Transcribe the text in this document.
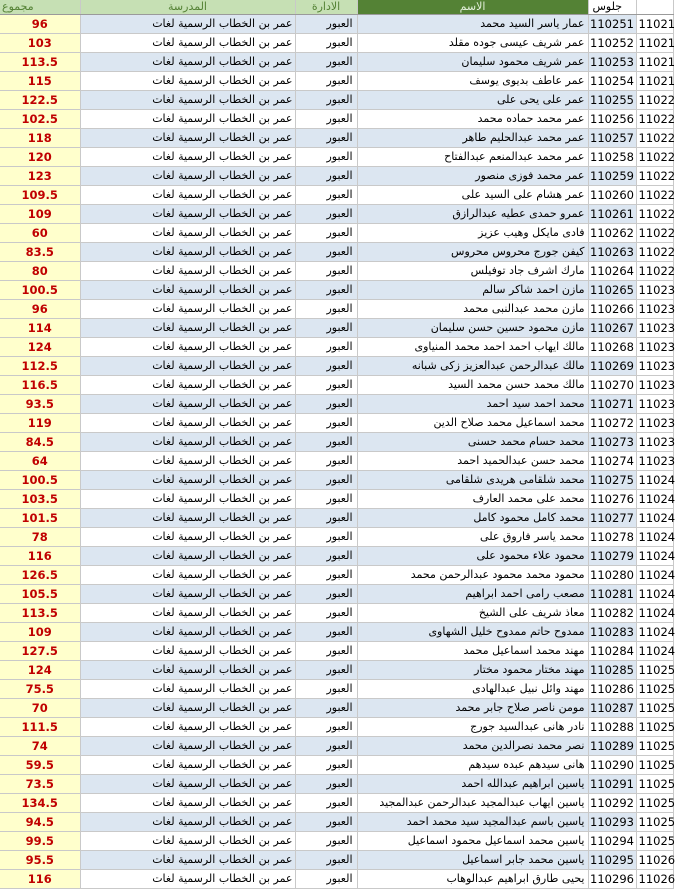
مجموع	المدرسة	الادارة	الاسم	جلوس	
96	عمر بن الخطاب الرسمية لغات	العبور	عمار ياسر السيد محمد	110251	11021
103	عمر بن الخطاب الرسمية لغات	العبور	عمر شريف عيسى جوده مقلد	110252	11021
113.5	عمر بن الخطاب الرسمية لغات	العبور	عمر شريف محمود سليمان	110253	11021
115	عمر بن الخطاب الرسمية لغات	العبور	عمر عاطف بديوى يوسف	110254	11021
122.5	عمر بن الخطاب الرسمية لغات	العبور	عمر على يحى على	110255	11022
102.5	عمر بن الخطاب الرسمية لغات	العبور	عمر محمد حماده محمد	110256	11022
118	عمر بن الخطاب الرسمية لغات	العبور	عمر محمد عبدالحليم طاهر	110257	11022
120	عمر بن الخطاب الرسمية لغات	العبور	عمر محمد عبدالمنعم عبدالفتاح	110258	11022
123	عمر بن الخطاب الرسمية لغات	العبور	عمر محمد فوزى منصور	110259	11022
109.5	عمر بن الخطاب الرسمية لغات	العبور	عمر هشام على السيد على	110260	11022
109	عمر بن الخطاب الرسمية لغات	العبور	عمرو حمدى عطيه عبدالرازق	110261	11022
60	عمر بن الخطاب الرسمية لغات	العبور	فادى مايكل وهيب عزيز	110262	11022
83.5	عمر بن الخطاب الرسمية لغات	العبور	كيفن جورج محروس محروس	110263	11022
80	عمر بن الخطاب الرسمية لغات	العبور	مارك اشرف جاد توفيلس	110264	11022
100.5	عمر بن الخطاب الرسمية لغات	العبور	مازن احمد شاكر سالم	110265	11023
96	عمر بن الخطاب الرسمية لغات	العبور	مازن محمد عبدالنبى محمد	110266	11023
114	عمر بن الخطاب الرسمية لغات	العبور	مازن محمود حسين حسن سليمان	110267	11023
124	عمر بن الخطاب الرسمية لغات	العبور	مالك ايهاب احمد احمد محمد المنياوى	110268	11023
112.5	عمر بن الخطاب الرسمية لغات	العبور	مالك عبدالرحمن عبدالعزيز زكى شبانه	110269	11023
116.5	عمر بن الخطاب الرسمية لغات	العبور	مالك محمد حسن محمد السيد	110270	11023
93.5	عمر بن الخطاب الرسمية لغات	العبور	محمد احمد سيد احمد	110271	11023
119	عمر بن الخطاب الرسمية لغات	العبور	محمد اسماعيل محمد صلاح الدين	110272	11023
84.5	عمر بن الخطاب الرسمية لغات	العبور	محمد حسام محمد حسنى	110273	11023
64	عمر بن الخطاب الرسمية لغات	العبور	محمد حسن عبدالحميد احمد	110274	11023
100.5	عمر بن الخطاب الرسمية لغات	العبور	محمد شلقامى هريدى شلقامى	110275	11024
103.5	عمر بن الخطاب الرسمية لغات	العبور	محمد على محمد العارف	110276	11024
101.5	عمر بن الخطاب الرسمية لغات	العبور	محمد كامل محمود كامل	110277	11024
78	عمر بن الخطاب الرسمية لغات	العبور	محمد ياسر فاروق على	110278	11024
116	عمر بن الخطاب الرسمية لغات	العبور	محمود علاء محمود على	110279	11024
126.5	عمر بن الخطاب الرسمية لغات	العبور	محمود محمد محمود عبدالرحمن محمد	110280	11024
105.5	عمر بن الخطاب الرسمية لغات	العبور	مصعب رامى احمد ابراهيم	110281	11024
113.5	عمر بن الخطاب الرسمية لغات	العبور	معاذ شريف على الشيخ	110282	11024
109	عمر بن الخطاب الرسمية لغات	العبور	ممدوح حاتم ممدوح خليل الشهاوى	110283	11024
127.5	عمر بن الخطاب الرسمية لغات	العبور	مهند محمد اسماعيل محمد	110284	11024
124	عمر بن الخطاب الرسمية لغات	العبور	مهند مختار محمود مختار	110285	11025
75.5	عمر بن الخطاب الرسمية لغات	العبور	مهند وائل نبيل عبدالهادى	110286	11025
70	عمر بن الخطاب الرسمية لغات	العبور	مومن ناصر صلاح جابر محمد	110287	11025
111.5	عمر بن الخطاب الرسمية لغات	العبور	نادر هانى عبدالسيد جورج	110288	11025
74	عمر بن الخطاب الرسمية لغات	العبور	نصر محمد نصرالدين محمد	110289	11025
59.5	عمر بن الخطاب الرسمية لغات	العبور	هانى سيدهم عبده سيدهم	110290	11025
73.5	عمر بن الخطاب الرسمية لغات	العبور	ياسين ابراهيم عبدالله احمد	110291	11025
134.5	عمر بن الخطاب الرسمية لغات	العبور	ياسين ايهاب عبدالمجيد عبدالرحمن عبدالمجيد	110292	11025
94.5	عمر بن الخطاب الرسمية لغات	العبور	ياسين باسم عبدالمجيد سيد محمد احمد	110293	11025
99.5	عمر بن الخطاب الرسمية لغات	العبور	ياسين محمد اسماعيل محمود اسماعيل	110294	11025
95.5	عمر بن الخطاب الرسمية لغات	العبور	ياسين محمد جابر اسماعيل	110295	11026
116	عمر بن الخطاب الرسمية لغات	العبور	يحيى طارق ابراهيم عبدالوهاب	110296	11026
